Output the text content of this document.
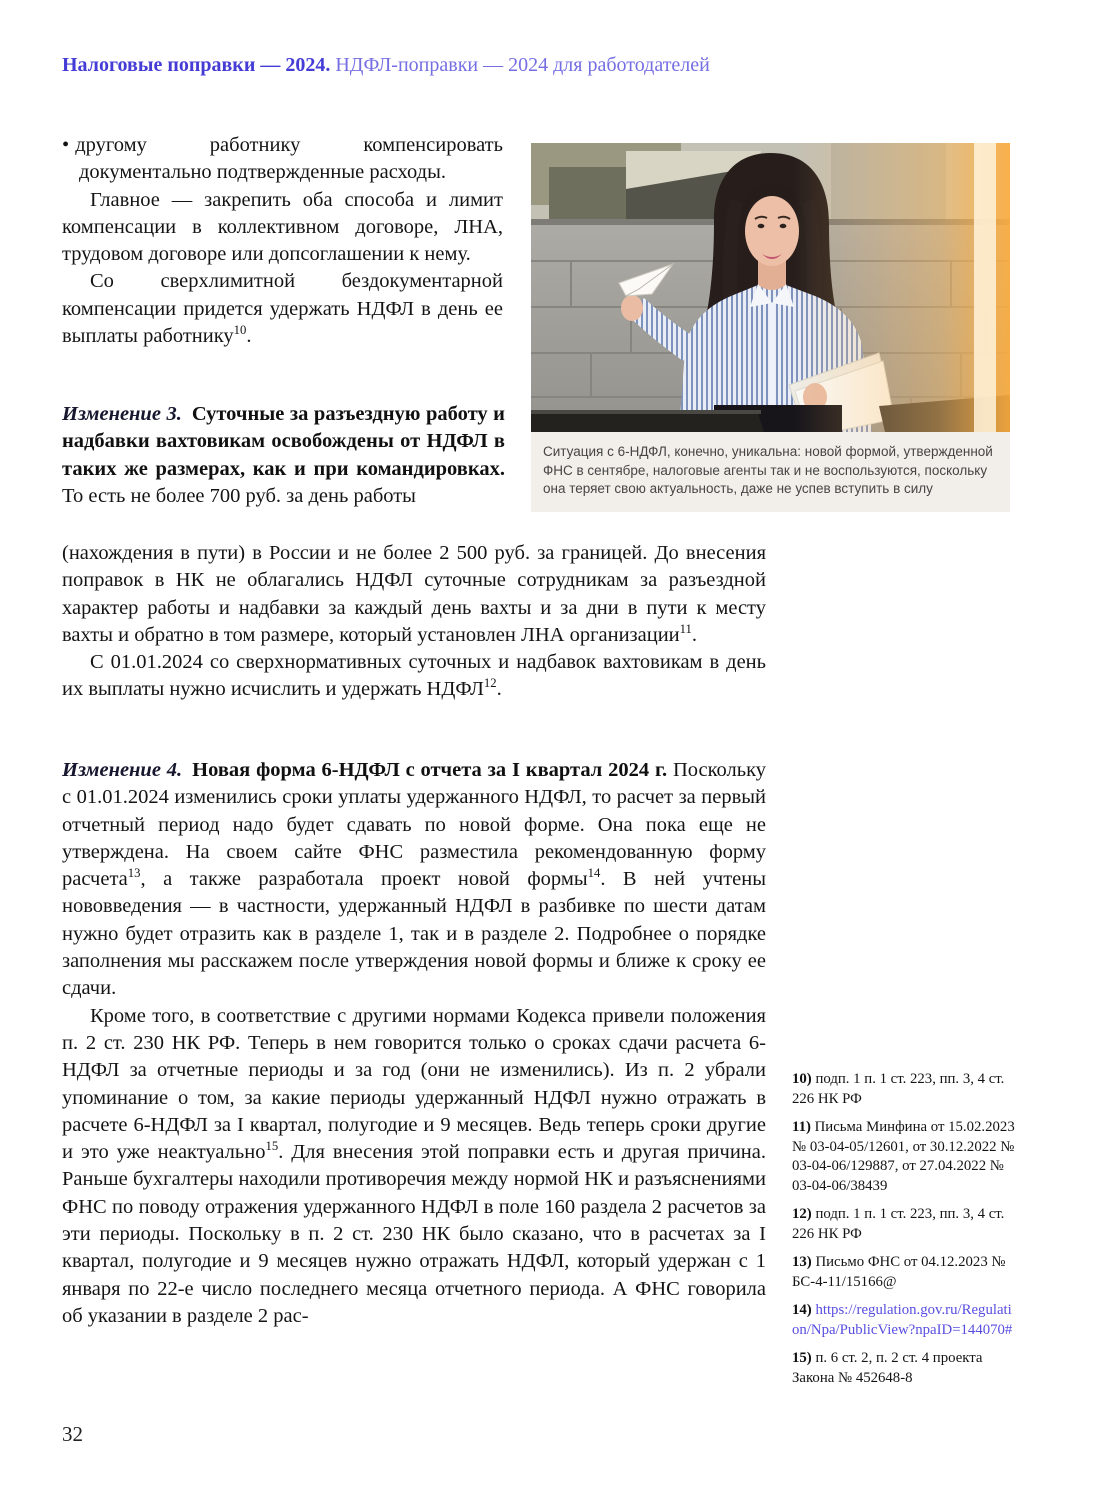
Налоговые поправки — 2024. НДФЛ-поправки — 2024 для работодателей

• другому работнику компенсировать документально подтвержденные расходы.

Главное — закрепить оба способа и лимит компенсации в коллективном договоре, ЛНА, трудовом договоре или допсоглашении к нему.

Со сверхлимитной бездокументарной компенсации придется удержать НДФЛ в день ее выплаты работнику$^{10}$.

Ситуация с 6-НДФЛ, конечно, уникальна: новой формой, утвержденной ФНС в сентябре, налоговые агенты так и не воспользуются, поскольку она теряет свою актуальность, даже не успев вступить в силу

Изменение 3. Суточные за разъездную работу и надбавки вахтовикам освобождены от НДФЛ в таких же размерах, как и при командировках. То есть не более 700 руб. за день работы

(нахождения в пути) в России и не более 2 500 руб. за границей. До внесения поправок в НК не облагались НДФЛ суточные сотрудникам за разъездной характер работы и надбавки за каждый день вахты и за дни в пути к месту вахты и обратно в том размере, который установлен ЛНА организации$^{11}$.

С 01.01.2024 со сверхнормативных суточных и надбавок вахтовикам в день их выплаты нужно исчислить и удержать НДФЛ$^{12}$.

Изменение 4. Новая форма 6-НДФЛ с отчета за I квартал 2024 г. Поскольку с 01.01.2024 изменились сроки уплаты удержанного НДФЛ, то расчет за первый отчетный период надо будет сдавать по новой форме. Она пока еще не утверждена. На своем сайте ФНС разместила рекомендованную форму расчета$^{13}$, а также разработала проект новой формы$^{14}$. В ней учтены нововведения — в частности, удержанный НДФЛ в разбивке по шести датам нужно будет отразить как в разделе 1, так и в разделе 2. Подробнее о порядке заполнения мы расскажем после утверждения новой формы и ближе к сроку ее сдачи.

Кроме того, в соответствие с другими нормами Кодекса привели положения п. 2 ст. 230 НК РФ. Теперь в нем говорится только о сроках сдачи расчета 6-НДФЛ за отчетные периоды и за год (они не изменились). Из п. 2 убрали упоминание о том, за какие периоды удержанный НДФЛ нужно отражать в расчете 6-НДФЛ за I квартал, полугодие и 9 месяцев. Ведь теперь сроки другие и это уже неактуально$^{15}$. Для внесения этой поправки есть и другая причина. Раньше бухгалтеры находили противоречия между нормой НК и разъяснениями ФНС по поводу отражения удержанного НДФЛ в поле 160 раздела 2 расчетов за эти периоды. Поскольку в п. 2 ст. 230 НК было сказано, что в расчетах за I квартал, полугодие и 9 месяцев нужно отражать НДФЛ, который удержан с 1 января по 22-е число последнего месяца отчетного периода. А ФНС говорила об указании в разделе 2 рас-

10) подп. 1 п. 1 ст. 223, пп. 3, 4 ст. 226 НК РФ

11) Письма Минфина от 15.02.2023 № 03-04-05/12601, от 30.12.2022 № 03-04-06/129887, от 27.04.2022 № 03-04-06/38439

12) подп. 1 п. 1 ст. 223, пп. 3, 4 ст. 226 НК РФ

13) Письмо ФНС от 04.12.2023 № БС-4-11/15166@

14) https://regulation.gov.ru/Regulation/Npa/PublicView?npaID=144070#

15) п. 6 ст. 2, п. 2 ст. 4 проекта Закона № 452648-8

32
